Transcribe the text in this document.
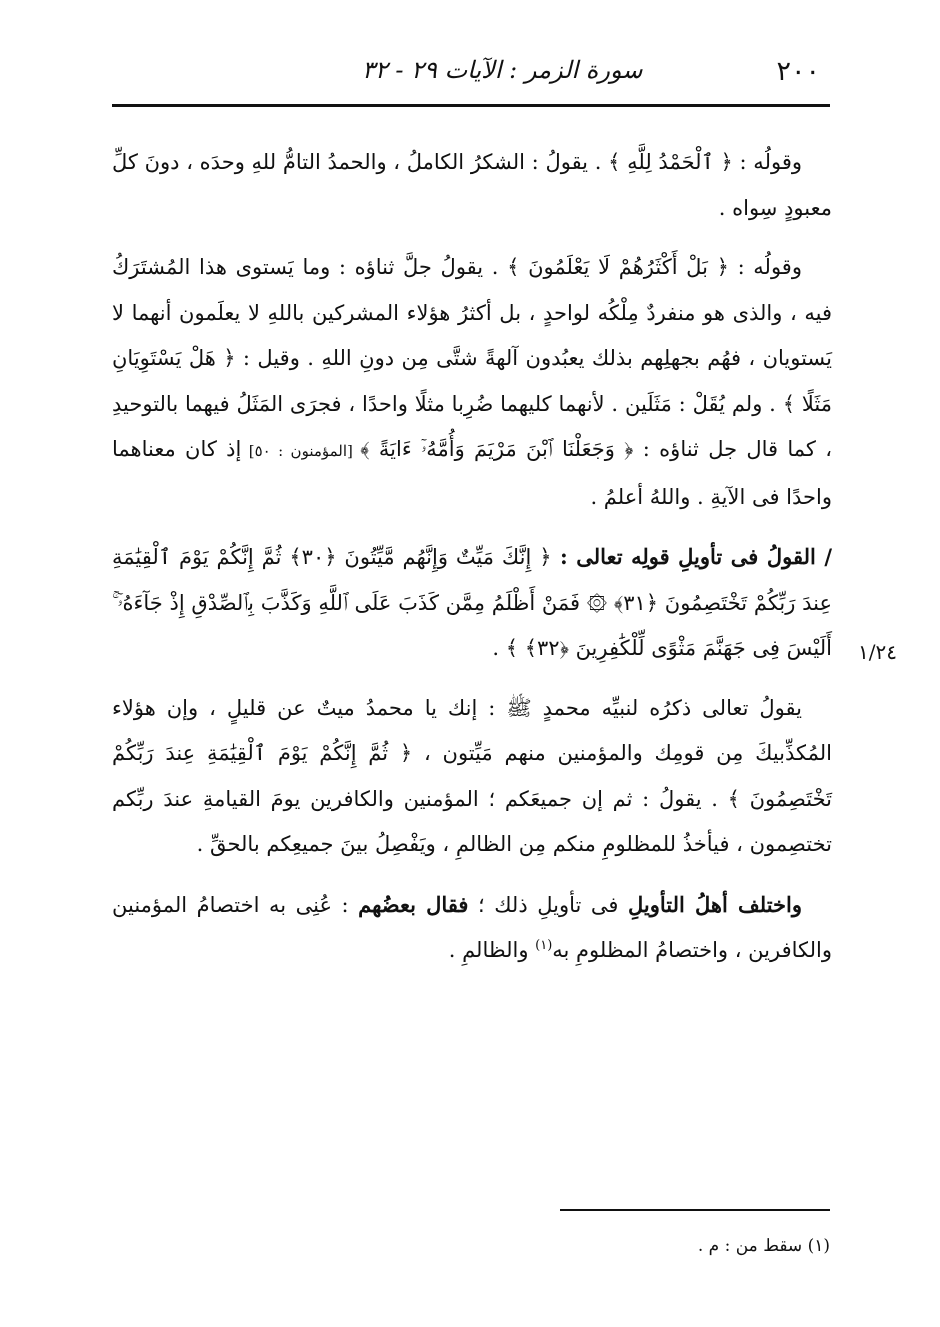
٢٠٠
سورة الزمر : الآيات ٢٩ - ٣٢
١/٢٤

وقولُه : ﴿ ٱلْحَمْدُ لِلَّهِ ﴾ . يقولُ : الشكرُ الكاملُ ، والحمدُ التامُّ للهِ وحدَه ، دونَ كلِّ معبودٍ سِواه .

وقولُه : ﴿ بَلْ أَكْثَرُهُمْ لَا يَعْلَمُونَ ﴾ . يقولُ جلَّ ثناؤه : وما يَستوى هذا المُشتَرَكُ فيه ، والذى هو منفردٌ مِلْكُه لواحدٍ ، بل أكثرُ هؤلاء المشركين باللهِ لا يعلَمون أنهما لا يَستويان ، فهُم بجهلِهم بذلك يعبُدون آلهةً شتَّى مِن دونِ اللهِ . وقيل : ﴿ هَلْ يَسْتَوِيَانِ مَثَلًا ﴾ . ولم يُقَلْ : مَثَلَين . لأنهما كليهما ضُرِبا مثلًا واحدًا ، فجرَى المَثَلُ فيهما بالتوحيدِ ، كما قال جل ثناؤه : ﴿ وَجَعَلْنَا ٱبْنَ مَرْيَمَ وَأُمَّهُۥٓ ءَايَةً ﴾ [المؤمنون : ٥٠] إذ كان معناهما واحدًا فى الآيةِ . واللهُ أعلمُ .

/ القولُ فى تأويلِ قولِه تعالى : ﴿ إِنَّكَ مَيِّتٌ وَإِنَّهُم مَّيِّتُونَ ﴿٣٠﴾ ثُمَّ إِنَّكُمْ يَوْمَ ٱلْقِيَٰمَةِ عِندَ رَبِّكُمْ تَخْتَصِمُونَ ﴿٣١﴾ ۞ فَمَنْ أَظْلَمُ مِمَّن كَذَبَ عَلَى ٱللَّهِ وَكَذَّبَ بِٱلصِّدْقِ إِذْ جَآءَهُۥٓ ۚ أَلَيْسَ فِى جَهَنَّمَ مَثْوًى لِّلْكَٰفِرِينَ ﴿٣٢﴾ ﴾ .

يقولُ تعالى ذكرُه لنبيِّه محمدٍ ﷺ : إنك يا محمدُ ميتٌ عن قليلٍ ، وإن هؤلاء المُكذِّبيكَ مِن قومِك والمؤمنين منهم مَيِّتون ، ﴿ ثُمَّ إِنَّكُمْ يَوْمَ ٱلْقِيَٰمَةِ عِندَ رَبِّكُمْ تَخْتَصِمُونَ ﴾ . يقولُ : ثم إن جميعَكم ؛ المؤمنين والكافرين يومَ القيامةِ عندَ ربِّكم تختصِمون ، فيأخذُ للمظلومِ منكم مِن الظالمِ ، ويَفْصِلُ بينَ جميعِكم بالحقِّ .

واختلف أهلُ التأويلِ فى تأويلِ ذلك ؛ فقال بعضُهم : عُنِى به اختصامُ المؤمنين والكافرين ، واختصامُ المظلومِ به$^{(١)}$ والظالمِ .

(١) سقط من : م .
